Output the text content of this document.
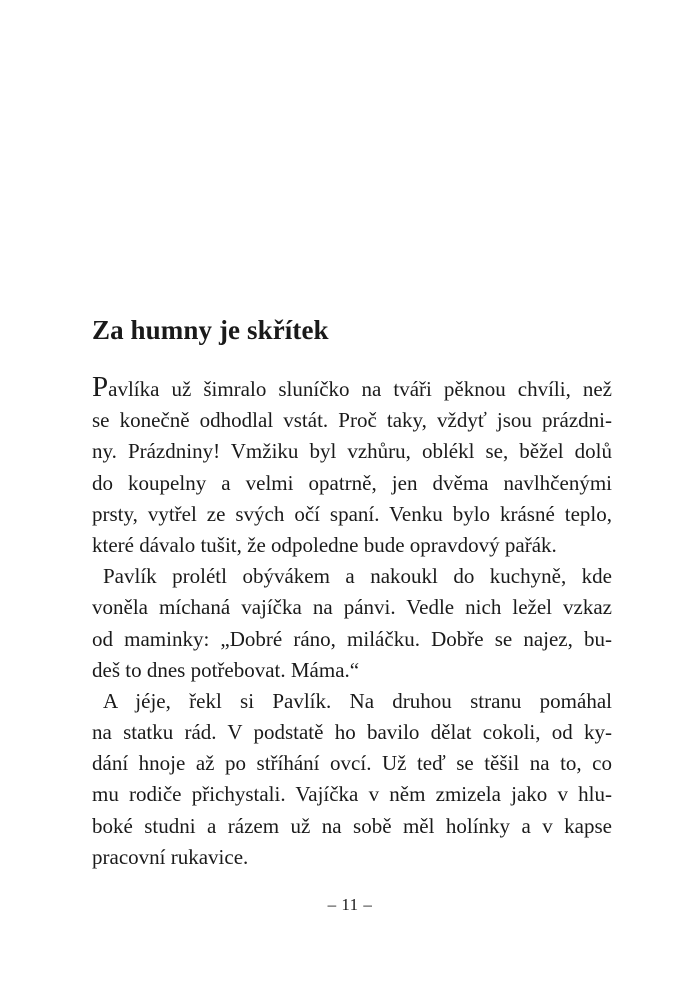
Za humny je skřítek
Pavlíka už šimralo sluníčko na tváři pěknou chvíli, než
se konečně odhodlal vstát. Proč taky, vždyť jsou prázdni-
ny. Prázdniny! Vmžiku byl vzhůru, oblékl se, běžel dolů
do koupelny a velmi opatrně, jen dvěma navlhčenými
prsty, vytřel ze svých očí spaní. Venku bylo krásné teplo,
které dávalo tušit, že odpoledne bude opravdový pařák.
Pavlík prolétl obývákem a nakoukl do kuchyně, kde
voněla míchaná vajíčka na pánvi. Vedle nich ležel vzkaz
od maminky: „Dobré ráno, miláčku. Dobře se najez, bu-
deš to dnes potřebovat. Máma.“
A jéje, řekl si Pavlík. Na druhou stranu pomáhal
na statku rád. V podstatě ho bavilo dělat cokoli, od ky-
dání hnoje až po stříhání ovcí. Už teď se těšil na to, co
mu rodiče přichystali. Vajíčka v něm zmizela jako v hlu-
boké studni a rázem už na sobě měl holínky a v kapse
pracovní rukavice.
– 11 –
